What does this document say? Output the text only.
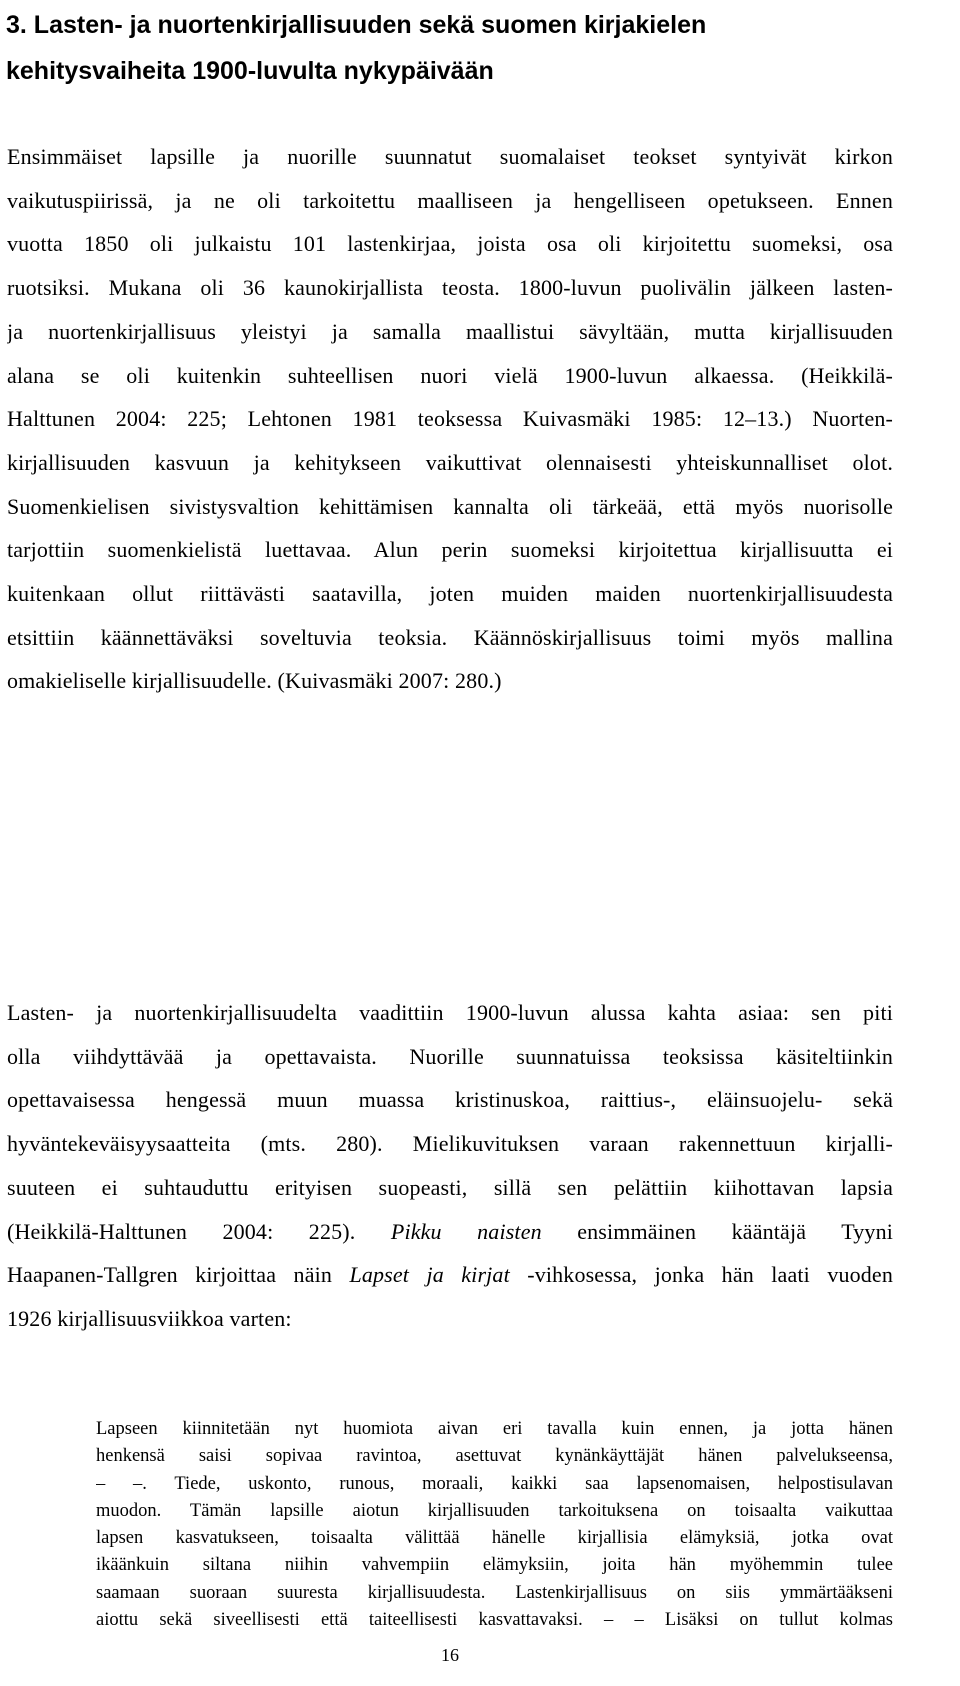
3. Lasten- ja nuortenkirjallisuuden sekä suomen kirjakielen
kehitysvaiheita 1900-luvulta nykypäivään

Ensimmäiset lapsille ja nuorille suunnatut suomalaiset teokset syntyivät kirkon
vaikutuspiirissä, ja ne oli tarkoitettu maalliseen ja hengelliseen opetukseen. Ennen
vuotta 1850 oli julkaistu 101 lastenkirjaa, joista osa oli kirjoitettu suomeksi, osa
ruotsiksi. Mukana oli 36 kaunokirjallista teosta. 1800-luvun puolivälin jälkeen lasten-
ja nuortenkirjallisuus yleistyi ja samalla maallistui sävyltään, mutta kirjallisuuden
alana se oli kuitenkin suhteellisen nuori vielä 1900-luvun alkaessa. (Heikkilä-
Halttunen 2004: 225; Lehtonen 1981 teoksessa Kuivasmäki 1985: 12–13.) Nuorten-
kirjallisuuden kasvuun ja kehitykseen vaikuttivat olennaisesti yhteiskunnalliset olot.
Suomenkielisen sivistysvaltion kehittämisen kannalta oli tärkeää, että myös nuorisolle
tarjottiin suomenkielistä luettavaa. Alun perin suomeksi kirjoitettua kirjallisuutta ei
kuitenkaan ollut riittävästi saatavilla, joten muiden maiden nuortenkirjallisuudesta
etsittiin käännettäväksi soveltuvia teoksia. Käännöskirjallisuus toimi myös mallina
omakieliselle kirjallisuudelle. (Kuivasmäki 2007: 280.)

Lasten- ja nuortenkirjallisuudelta vaadittiin 1900-luvun alussa kahta asiaa: sen piti
olla viihdyttävää ja opettavaista. Nuorille suunnatuissa teoksissa käsiteltiinkin
opettavaisessa hengessä muun muassa kristinuskoa, raittius-, eläinsuojelu- sekä
hyväntekeväisyysaatteita (mts. 280). Mielikuvituksen varaan rakennettuun kirjalli-
suuteen ei suhtauduttu erityisen suopeasti, sillä sen pelättiin kiihottavan lapsia
(Heikkilä-Halttunen 2004: 225). Pikku naisten ensimmäinen kääntäjä Tyyni
Haapanen-Tallgren kirjoittaa näin Lapset ja kirjat -vihkosessa, jonka hän laati vuoden
1926 kirjallisuusviikkoa varten:

Lapseen kiinnitetään nyt huomiota aivan eri tavalla kuin ennen, ja jotta hänen
henkensä saisi sopivaa ravintoa, asettuvat kynänkäyttäjät hänen palvelukseensa,
– –. Tiede, uskonto, runous, moraali, kaikki saa lapsenomaisen, helpostisulavan
muodon. Tämän lapsille aiotun kirjallisuuden tarkoituksena on toisaalta vaikuttaa
lapsen kasvatukseen, toisaalta välittää hänelle kirjallisia elämyksiä, jotka ovat
ikäänkuin siltana niihin vahvempiin elämyksiin, joita hän myöhemmin tulee
saamaan suoraan suuresta kirjallisuudesta. Lastenkirjallisuus on siis ymmärtääkseni
aiottu sekä siveellisesti että taiteellisesti kasvattavaksi. – – Lisäksi on tullut kolmas

16
